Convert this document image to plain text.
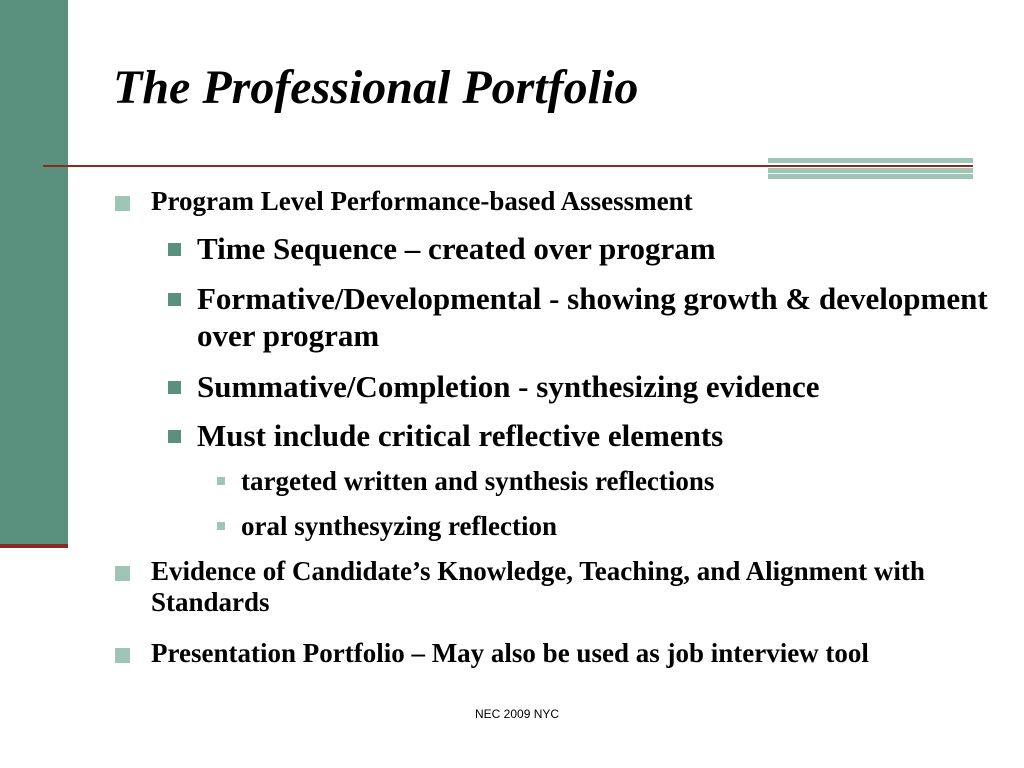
The Professional Portfolio
Program Level Performance-based Assessment
Time Sequence – created over program
Formative/Developmental - showing growth & development over program
Summative/Completion - synthesizing evidence
Must include critical reflective elements
targeted written and synthesis reflections
oral synthesyzing reflection
Evidence of Candidate’s Knowledge, Teaching, and Alignment with Standards
Presentation Portfolio – May also be used as job interview tool
NEC 2009 NYC
